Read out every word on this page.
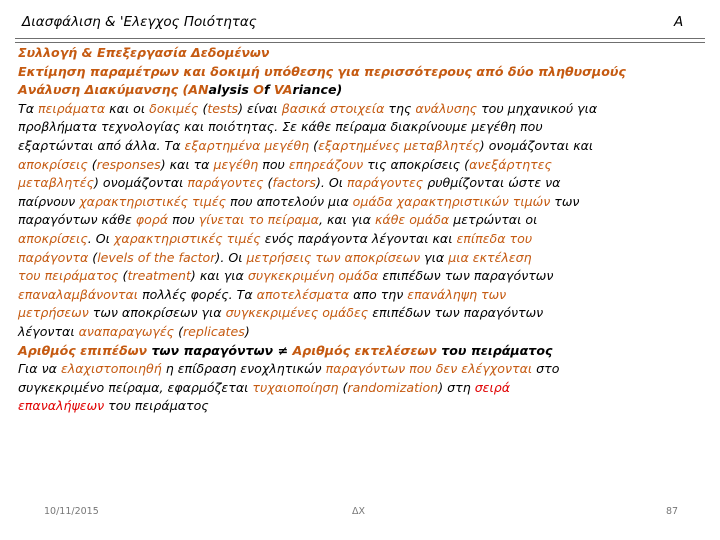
Διασφάλιση & 'Ελεγχος Ποιότητας	A
Συλλογή & Επεξεργασία Δεδομένων
Εκτίμηση παραμέτρων και δοκιμή υπόθεσης για περισσότερους από δύο πληθυσμούς
Ανάλυση Διακύμανσης (ANalysis Of VAriance)
Τα πειράματα και οι δοκιμές (tests) είναι βασικά στοιχεία της ανάλυσης του μηχανικού για
προβλήματα τεχνολογίας και ποιότητας. Σε κάθε πείραμα διακρίνουμε μεγέθη που
εξαρτώνται από άλλα. Τα εξαρτημένα μεγέθη (εξαρτημένες μεταβλητές) ονομάζονται και
αποκρίσεις (responses) και τα μεγέθη που επηρεάζουν τις αποκρίσεις (ανεξάρτητες
μεταβλητές) ονομάζονται παράγοντες (factors). Οι παράγοντες ρυθμίζονται ώστε να
παίρνουν χαρακτηριστικές τιμές που αποτελούν μια ομάδα χαρακτηριστικών τιμών των
παραγόντων κάθε φορά που γίνεται το πείραμα, και για κάθε ομάδα μετρώνται οι
αποκρίσεις. Οι χαρακτηριστικές τιμές ενός παράγοντα λέγονται και επίπεδα του
παράγοντα (levels of the factor). Οι μετρήσεις των αποκρίσεων για μια εκτέλεση
του πειράματος (treatment) και για συγκεκριμένη ομάδα επιπέδων των παραγόντων
επαναλαμβάνονται πολλές φορές. Τα αποτελέσματα απο την επανάληψη των
μετρήσεων των αποκρίσεων για συγκεκριμένες ομάδες επιπέδων των παραγόντων
λέγονται αναπαραγωγές (replicates)
Αριθμός επιπέδων των παραγόντων ≠ Αριθμός εκτελέσεων του πειράματος
Για να ελαχιστοποιηθή η επίδραση ενοχλητικών παραγόντων που δεν ελέγχονται στο
συγκεκριμένο πείραμα, εφαρμόζεται τυχαιοποίηση (randomization) στη σειρά
επαναλήψεων του πειράματος
10/11/2015	ΔΧ	87
